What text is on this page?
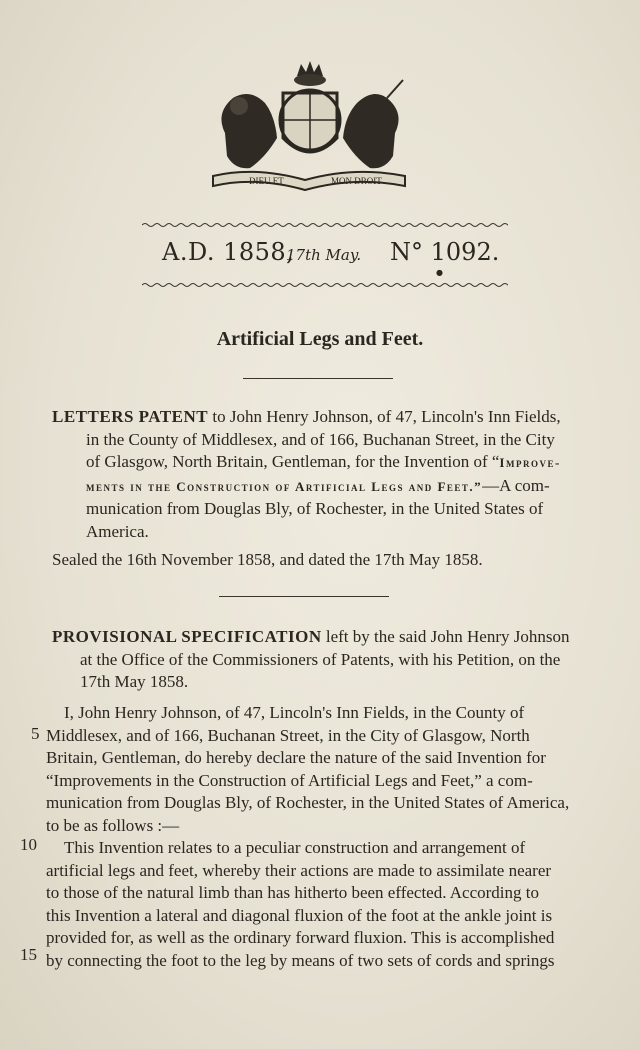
DIEU ET	MON DROIT
A.D. 1858,
17th May. N° 1092.
●
Artificial Legs and Feet.
LETTERS PATENT to John Henry Johnson, of 47, Lincoln's Inn Fields,
in the County of Middlesex, and of 166, Buchanan Street, in the City
of Glasgow, North Britain, Gentleman, for the Invention of “Improve-
ments in the Construction of Artificial Legs and Feet.”—A com-
munication from Douglas Bly, of Rochester, in the United States of
America.
Sealed the 16th November 1858, and dated the 17th May 1858.
PROVISIONAL SPECIFICATION left by the said John Henry Johnson
at the Office of the Commissioners of Patents, with his Petition, on the
17th May 1858.
I, John Henry Johnson, of 47, Lincoln's Inn Fields, in the County of
Middlesex, and of 166, Buchanan Street, in the City of Glasgow, North
Britain, Gentleman, do hereby declare the nature of the said Invention for
“Improvements in the Construction of Artificial Legs and Feet,” a com-
munication from Douglas Bly, of Rochester, in the United States of America,
to be as follows :—
This Invention relates to a peculiar construction and arrangement of
artificial legs and feet, whereby their actions are made to assimilate nearer
to those of the natural limb than has hitherto been effected. According to
this Invention a lateral and diagonal fluxion of the foot at the ankle joint is
provided for, as well as the ordinary forward fluxion. This is accomplished
by connecting the foot to the leg by means of two sets of cords and springs
5
10
15
